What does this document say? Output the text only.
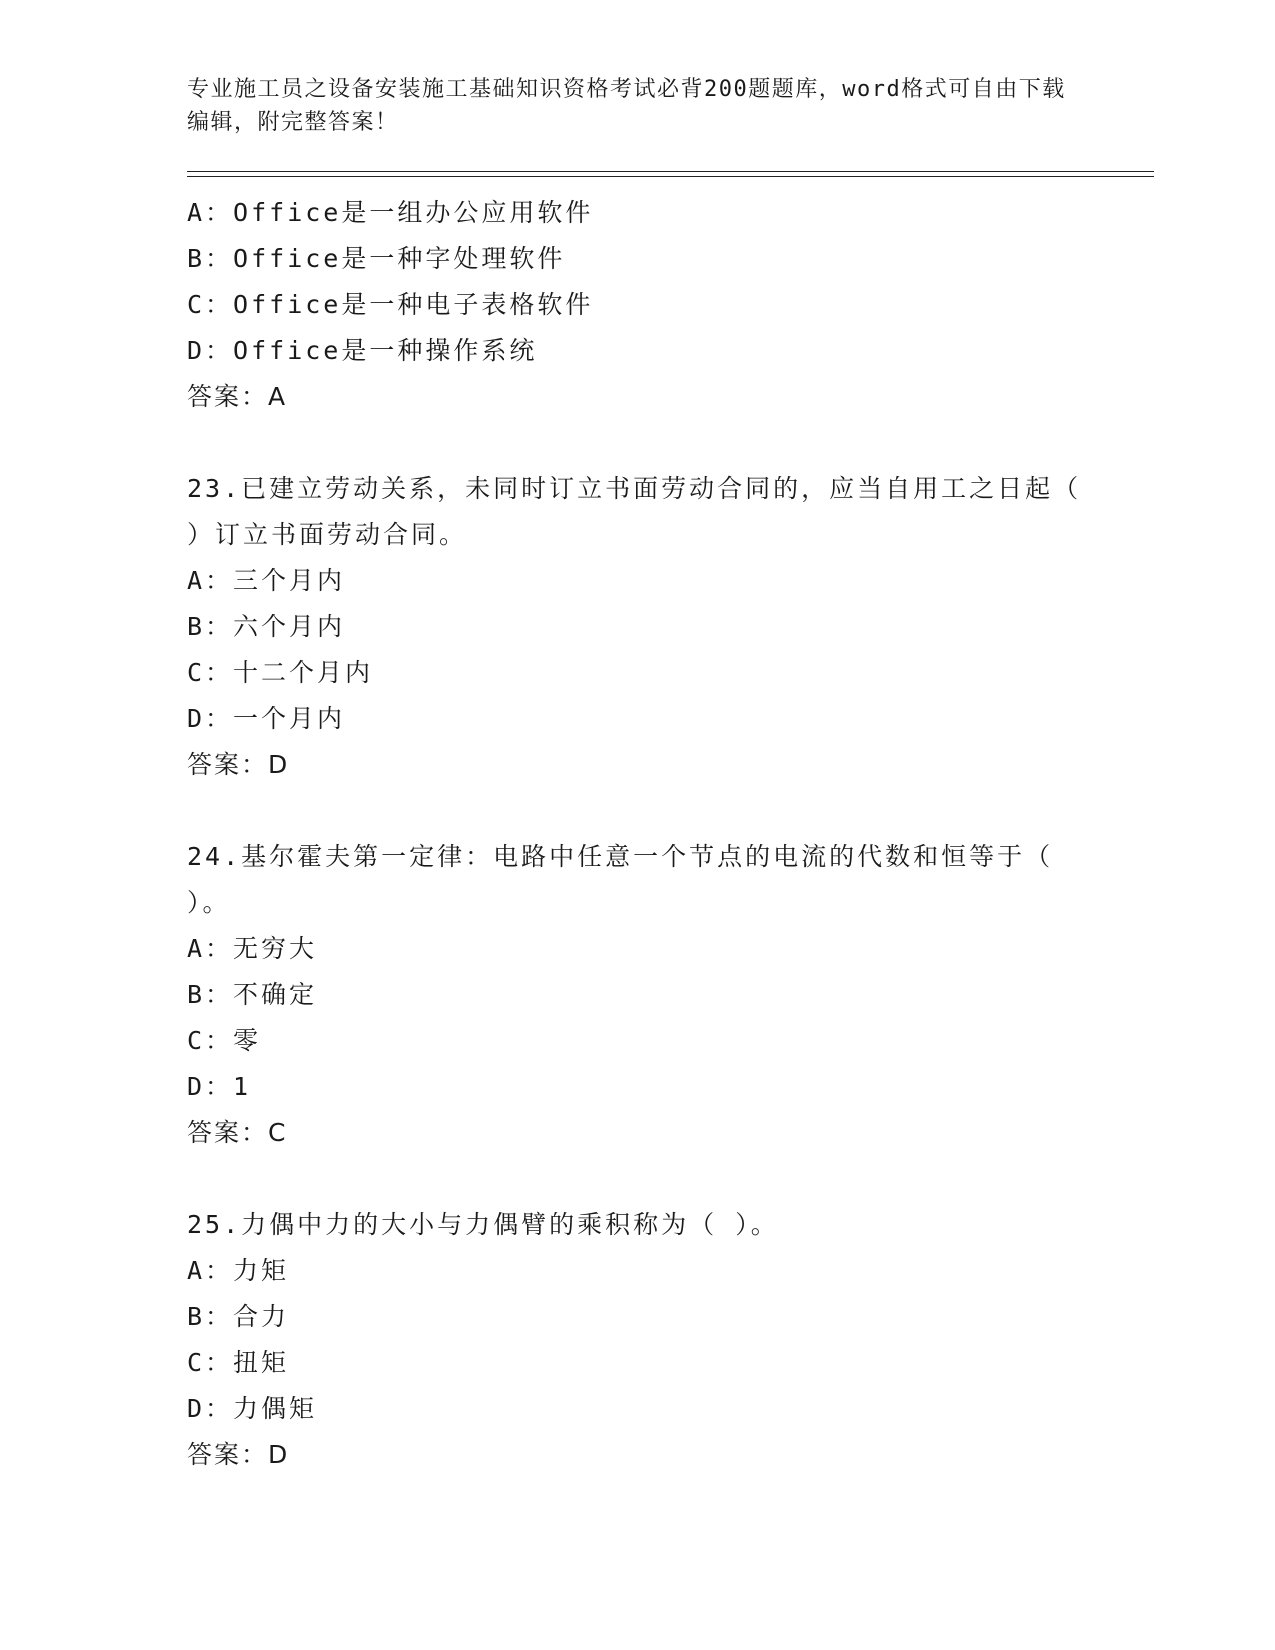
专业施工员之设备安装施工基础知识资格考试必背200题题库，word格式可自由下载编辑，附完整答案！
A：Office是一组办公应用软件
B：Office是一种字处理软件
C：Office是一种电子表格软件
D：Office是一种操作系统
答案：A
23.已建立劳动关系，未同时订立书面劳动合同的，应当自用工之日起（ ）订立书面劳动合同。
A：三个月内
B：六个月内
C：十二个月内
D：一个月内
答案：D
24.基尔霍夫第一定律：电路中任意一个节点的电流的代数和恒等于（ ）。
A：无穷大
B：不确定
C：零
D：1
答案：C
25.力偶中力的大小与力偶臂的乘积称为（ ）。
A：力矩
B：合力
C：扭矩
D：力偶矩
答案：D
